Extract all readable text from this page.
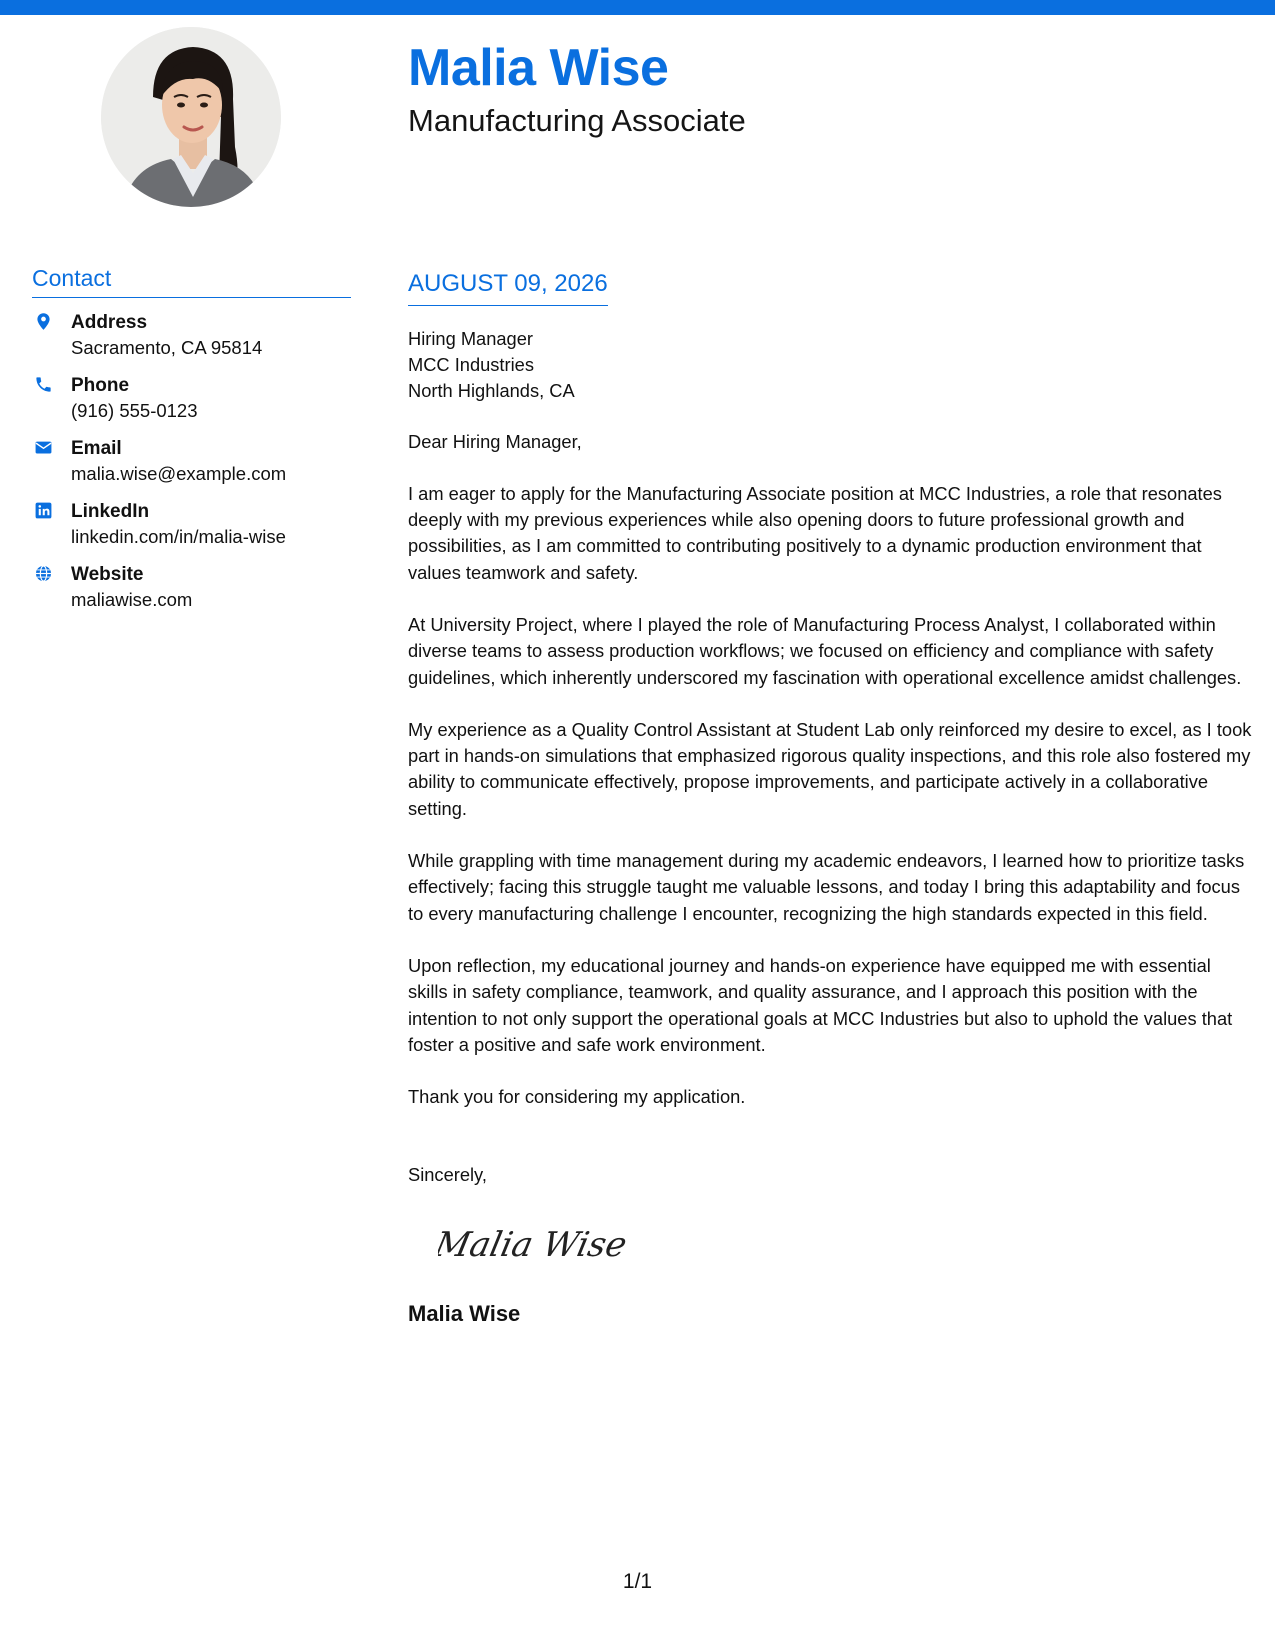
Malia Wise
Manufacturing Associate
Contact
Address
Sacramento, CA 95814
Phone
(916) 555-0123
Email
malia.wise@example.com
LinkedIn
linkedin.com/in/malia-wise
Website
maliawise.com
AUGUST 09, 2026
Hiring Manager
MCC Industries
North Highlands, CA
Dear Hiring Manager,

I am eager to apply for the Manufacturing Associate position at MCC Industries, a role that resonates deeply with my previous experiences while also opening doors to future professional growth and possibilities, as I am committed to contributing positively to a dynamic production environment that values teamwork and safety.

At University Project, where I played the role of Manufacturing Process Analyst, I collaborated within diverse teams to assess production workflows; we focused on efficiency and compliance with safety guidelines, which inherently underscored my fascination with operational excellence amidst challenges.

My experience as a Quality Control Assistant at Student Lab only reinforced my desire to excel, as I took part in hands-on simulations that emphasized rigorous quality inspections, and this role also fostered my ability to communicate effectively, propose improvements, and participate actively in a collaborative setting.

While grappling with time management during my academic endeavors, I learned how to prioritize tasks effectively; facing this struggle taught me valuable lessons, and today I bring this adaptability and focus to every manufacturing challenge I encounter, recognizing the high standards expected in this field.

Upon reflection, my educational journey and hands-on experience have equipped me with essential skills in safety compliance, teamwork, and quality assurance, and I approach this position with the intention to not only support the operational goals at MCC Industries but also to uphold the values that foster a positive and safe work environment.

Thank you for considering my application.

Sincerely,
Malia Wise
Malia Wise
1/1
